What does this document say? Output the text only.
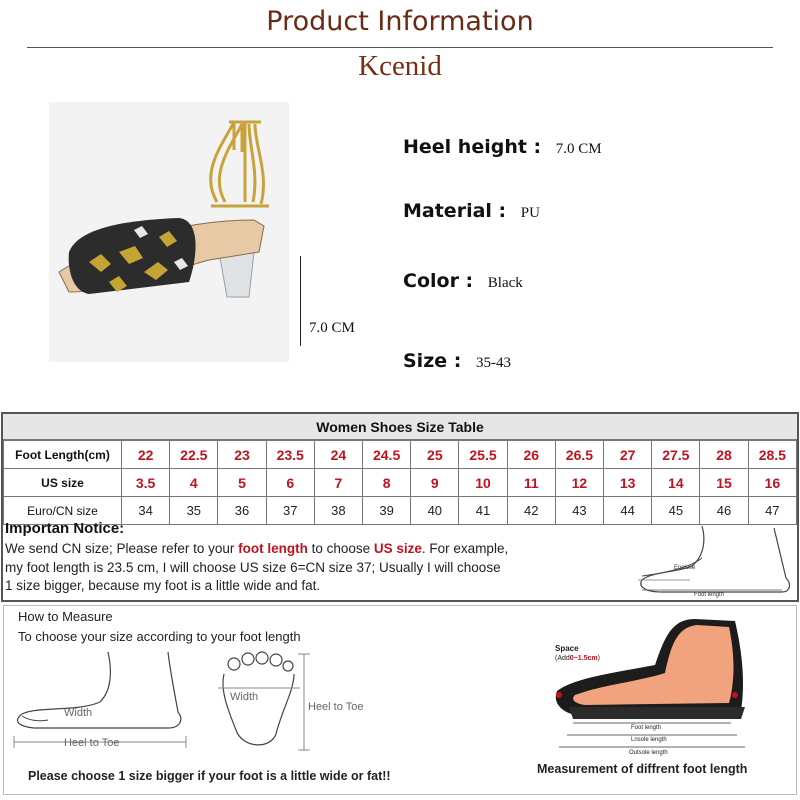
Product Information
Kcenid
7.0 CM
Heel height : 7.0 CM
Material : PU
Color : Black
Size : 35-43
Women Shoes Size Table
Foot Length(cm)	22	22.5	23	23.5	24	24.5	25	25.5	26	26.5	27	27.5	28	28.5
US size	3.5	4	5	6	7	8	9	10	11	12	13	14	15	16
Euro/CN size	34	35	36	37	38	39	40	41	42	43	44	45	46	47
Importan Notice:
We send CN size; Please refer to your foot length to choose US size. For example,
my foot length is 23.5 cm, I will choose US size 6=CN size 37; Usually I will choose
1 size bigger, because my foot is a little wide and fat.
Enclose
Foot length
How to Measure
To choose your size according to your foot length
Width
Heel to Toe
Width
Heel to Toe
Space
(Add0~1.5cm)
Foot length
Lnsole length
Outsole length
Measurement of diffrent foot length
Please choose 1 size bigger if your foot is a little wide or fat!!
